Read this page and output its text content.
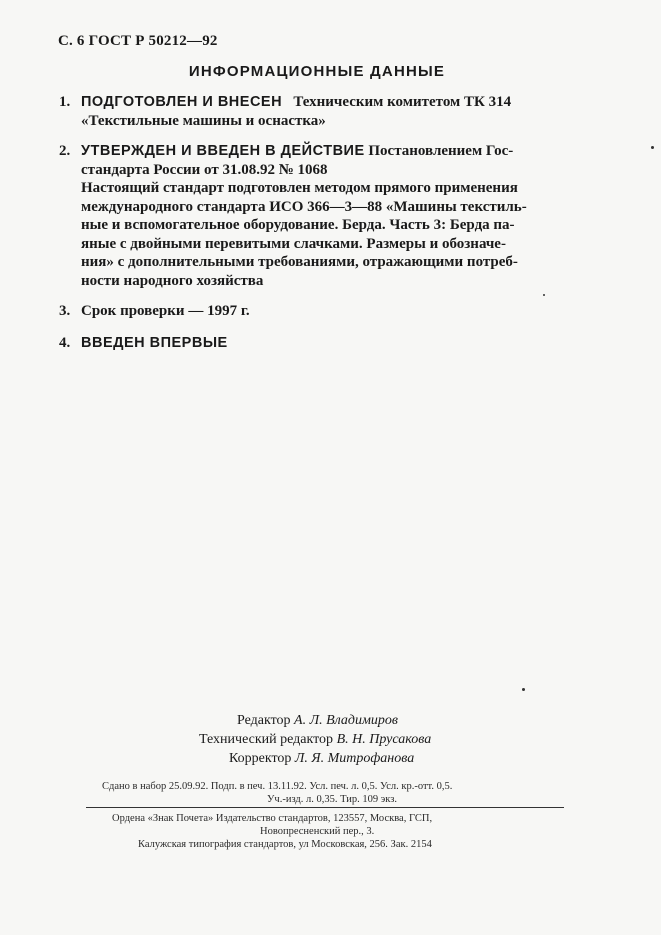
С. 6 ГОСТ Р 50212—92
ИНФОРМАЦИОННЫЕ ДАННЫЕ
1. ПОДГОТОВЛЕН И ВНЕСЕН Техническим комитетом ТК 314
«Текстильные машины и оснастка»
2. УТВЕРЖДЕН И ВВЕДЕН В ДЕЙСТВИЕ Постановлением Гос-
стандарта России от 31.08.92 № 1068
Настоящий стандарт подготовлен методом прямого применения
международного стандарта ИСО 366—3—88 «Машины текстиль-
ные и вспомогательное оборудование. Берда. Часть 3: Берда па-
яные с двойными перевитыми слачками. Размеры и обозначе-
ния» с дополнительными требованиями, отражающими потреб-
ности народного хозяйства
3. Срок проверки — 1997 г.
4. ВВЕДЕН ВПЕРВЫЕ
Редактор А. Л. Владимиров
Технический редактор В. Н. Прусакова
Корректор Л. Я. Митрофанова
Сдано в набор 25.09.92. Подп. в печ. 13.11.92. Усл. печ. л. 0,5. Усл. кр.-отт. 0,5.
Уч.-изд. л. 0,35. Тир. 109 экз.
Ордена «Знак Почета» Издательство стандартов, 123557, Москва, ГСП,
Новопресненский пер., 3.
Калужская типография стандартов, ул Московская, 256. Зак. 2154
